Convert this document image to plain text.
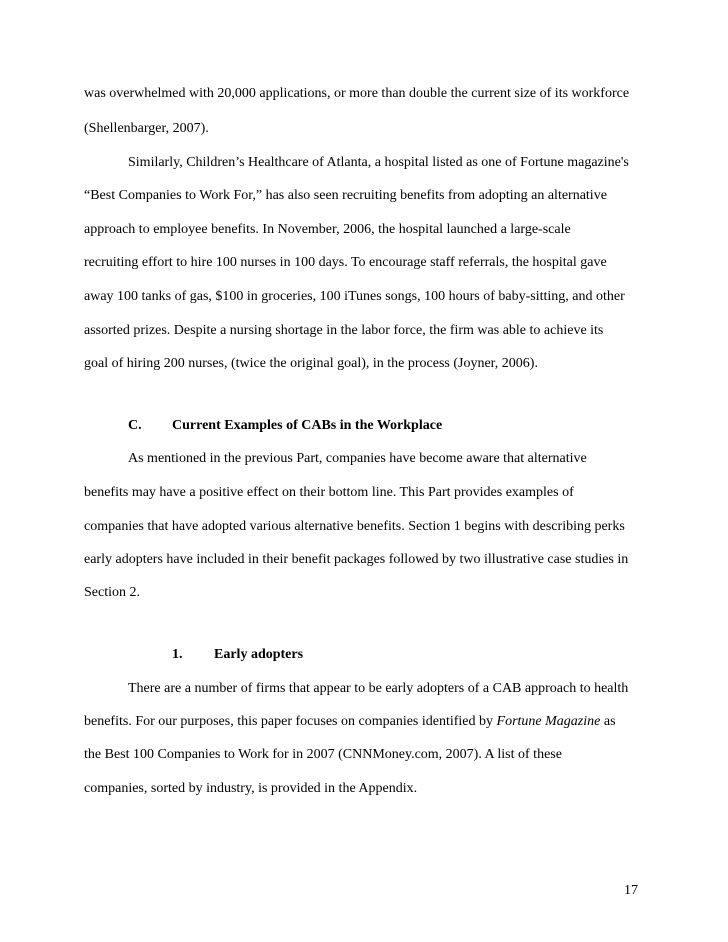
was overwhelmed with 20,000 applications, or more than double the current size of its workforce
(Shellenbarger, 2007).
Similarly, Children’s Healthcare of Atlanta, a hospital listed as one of Fortune magazine's
“Best Companies to Work For,” has also seen recruiting benefits from adopting an alternative
approach to employee benefits. In November, 2006, the hospital launched a large-scale
recruiting effort to hire 100 nurses in 100 days. To encourage staff referrals, the hospital gave
away 100 tanks of gas, $100 in groceries, 100 iTunes songs, 100 hours of baby-sitting, and other
assorted prizes. Despite a nursing shortage in the labor force, the firm was able to achieve its
goal of hiring 200 nurses, (twice the original goal), in the process (Joyner, 2006).
C. Current Examples of CABs in the Workplace
As mentioned in the previous Part, companies have become aware that alternative
benefits may have a positive effect on their bottom line. This Part provides examples of
companies that have adopted various alternative benefits. Section 1 begins with describing perks
early adopters have included in their benefit packages followed by two illustrative case studies in
Section 2.
1. Early adopters
There are a number of firms that appear to be early adopters of a CAB approach to health
benefits. For our purposes, this paper focuses on companies identified by Fortune Magazine as
the Best 100 Companies to Work for in 2007 (CNNMoney.com, 2007). A list of these
companies, sorted by industry, is provided in the Appendix.
17
